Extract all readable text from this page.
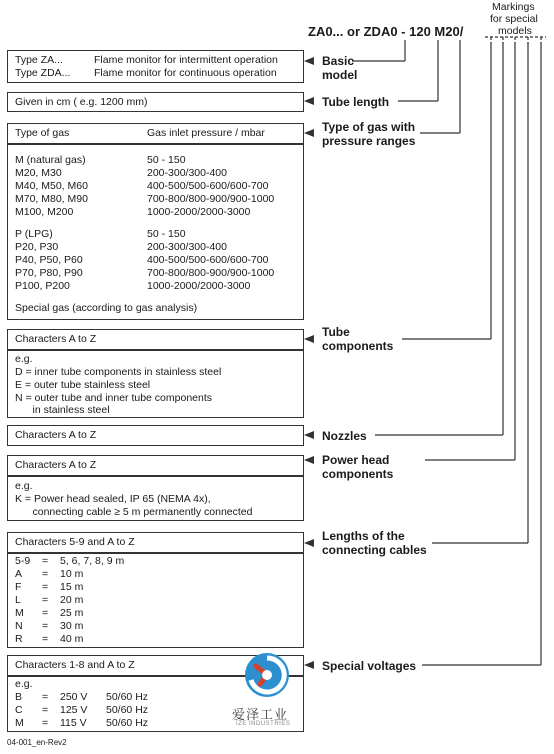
ZA0... or ZDA0 - 120 M20/
Markings
for special
models
Type ZA...	Flame monitor for intermittent operation
Type ZDA... Flame monitor for continuous operation
Basic
model
Given in cm ( e.g. 1200 mm)	Tube length
Type of gas	Gas inlet pressure / mbar
M (natural gas)	50 - 150
M20, M30	200-300/300-400
M40, M50, M60	400-500/500-600/600-700
M70, M80, M90	700-800/800-900/900-1000
M100, M200	1000-2000/2000-3000
P (LPG)	50 - 150
P20, P30	200-300/300-400
P40, P50, P60	400-500/500-600/600-700
P70, P80, P90	700-800/800-900/900-1000
P100, P200	1000-2000/2000-3000
Special gas (according to gas analysis)
Type of gas with
pressure ranges
Characters A to Z
e.g.
D = inner tube components in stainless steel
E = outer tube stainless steel
N = outer tube and inner tube components
in stainless steel
Tube
components
Characters A to Z	Nozzles
Characters A to Z
e.g.
K = Power head sealed, IP 65 (NEMA 4x),
connecting cable ≥ 5 m permanently connected
Power head
components
Characters 5-9 and A to Z
5-9 = 5, 6, 7, 8, 9 m
A = 10 m
F = 15 m
L = 20 m
M = 25 m
N = 30 m
R = 40 m
Lengths of the
connecting cables
Characters 1-8 and A to Z
e.g.
B = 250 V 50/60 Hz
C = 125 V 50/60 Hz
M = 115 V 50/60 Hz
Special voltages
爱泽工业
IZE INDUSTRIES
04-001_en-Rev2
